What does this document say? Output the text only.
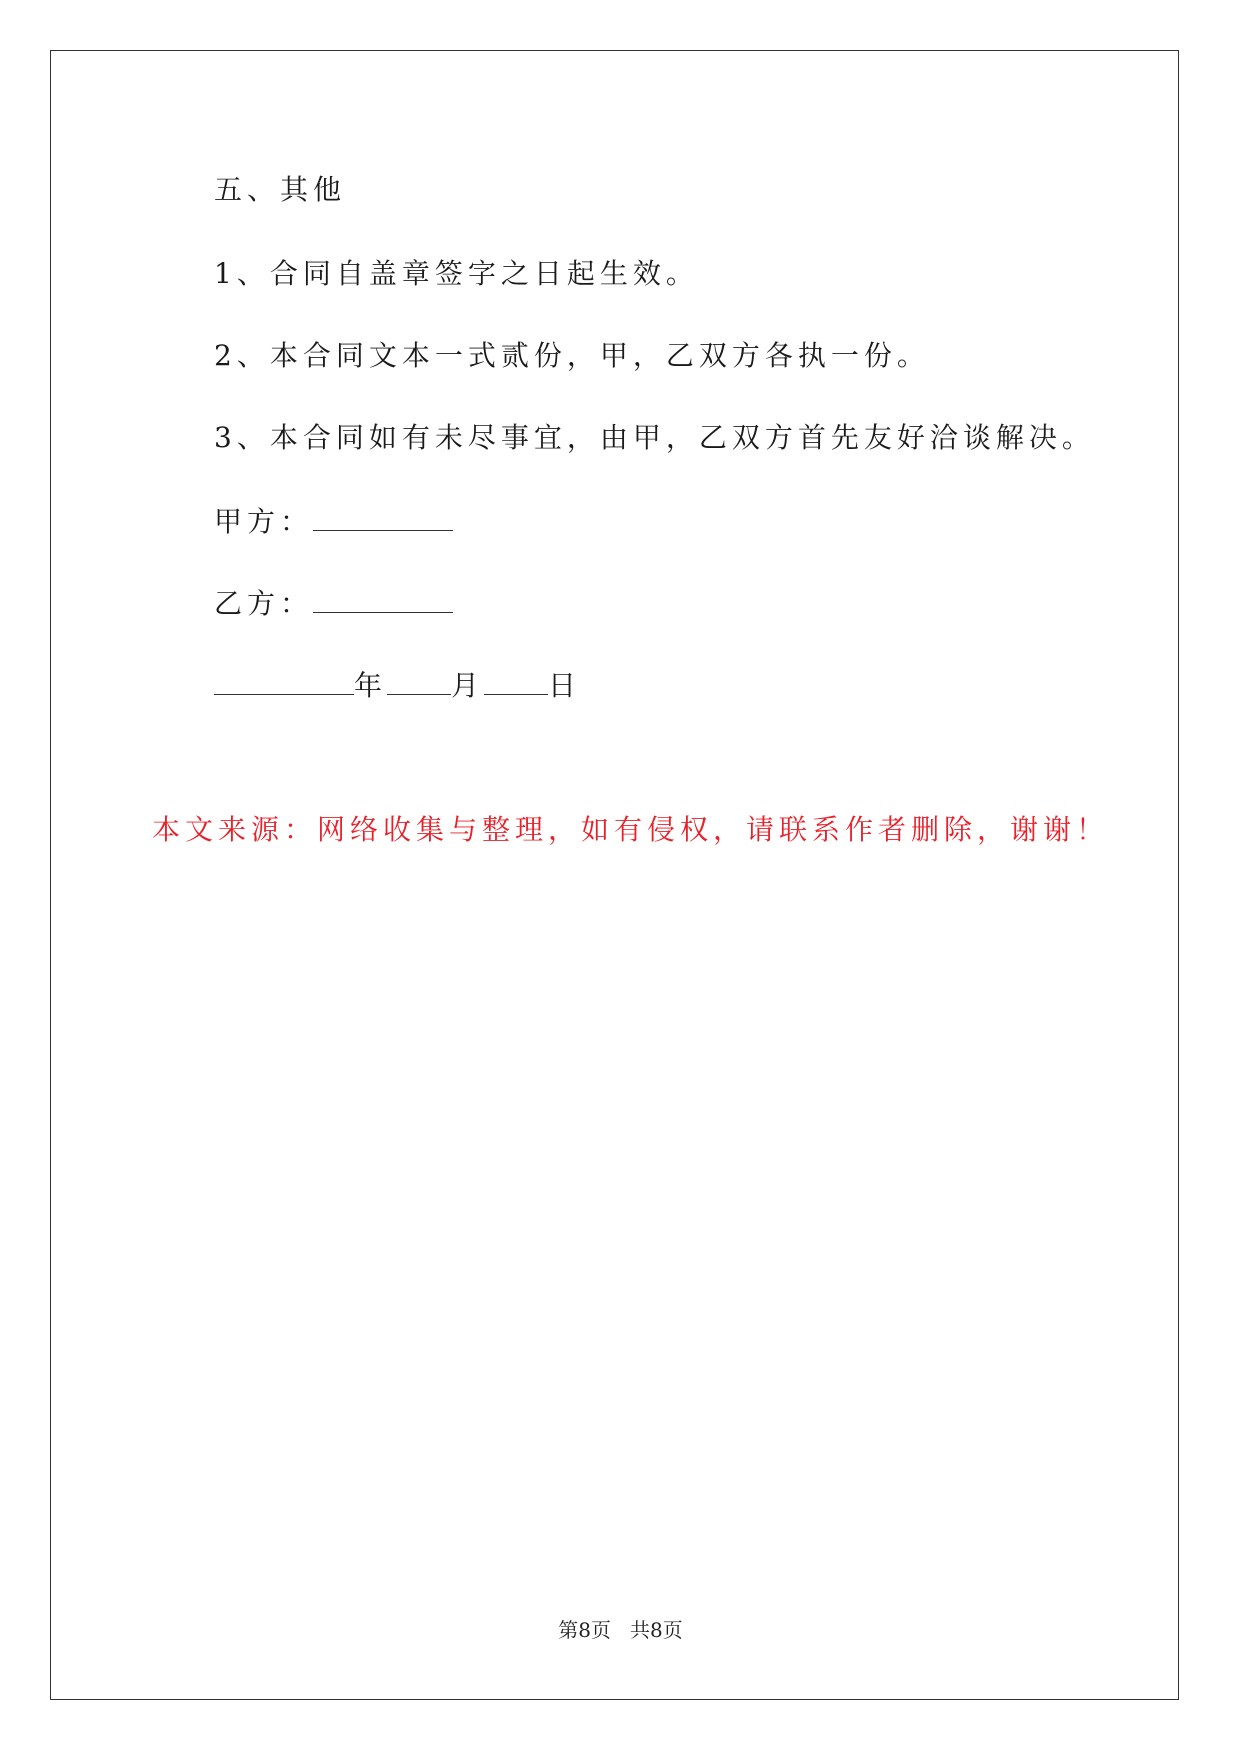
五、其他
1、合同自盖章签字之日起生效。
2、本合同文本一式贰份，甲，乙双方各执一份。
3、本合同如有未尽事宜，由甲，乙双方首先友好洽谈解决。
甲方：
乙方：
年 月 日
本文来源：网络收集与整理，如有侵权，请联系作者删除，谢谢！
第8页 共8页
